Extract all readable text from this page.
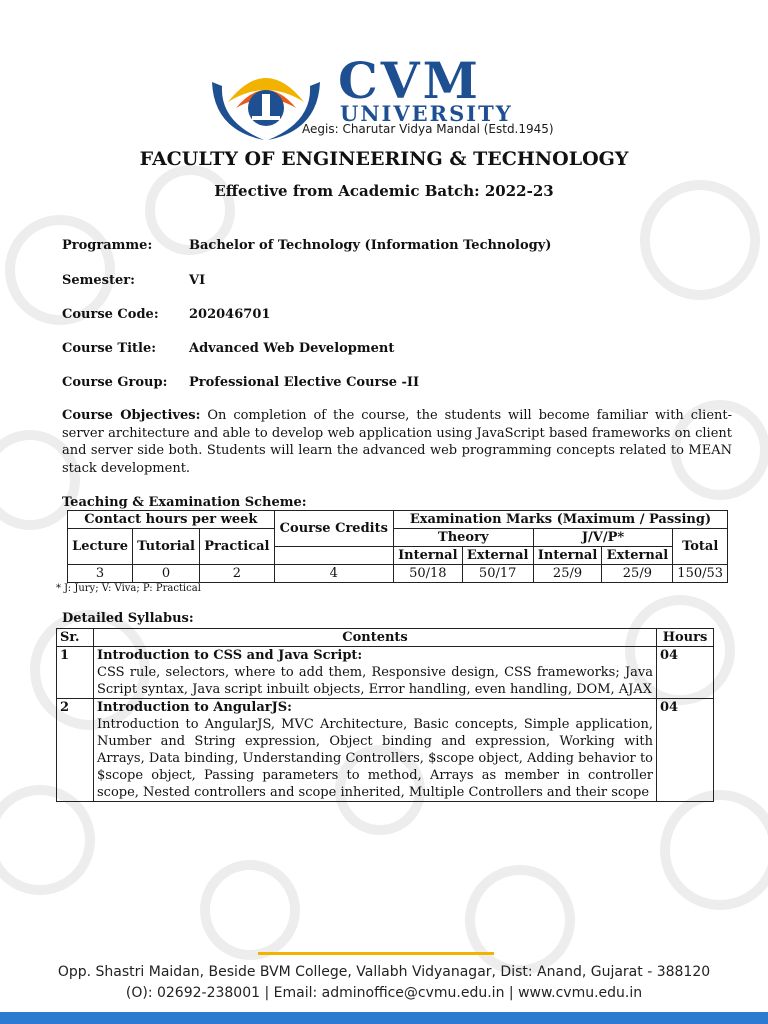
CVM
UNIVERSITY
Aegis: Charutar Vidya Mandal (Estd.1945)
FACULTY OF ENGINEERING & TECHNOLOGY
Effective from Academic Batch: 2022-23
Programme:	Bachelor of Technology (Information Technology)
Semester:	VI
Course Code:	202046701
Course Title:	Advanced Web Development
Course Group:	Professional Elective Course -II
Course Objectives: On completion of the course, the students will become familiar with client-server architecture and able to develop web application using JavaScript based frameworks on client and server side both. Students will learn the advanced web programming concepts related to MEAN stack development.
Teaching & Examination Scheme:
Contact hours per week			Course Credits	Examination Marks (Maximum / Passing)				
Lecture	Tutorial	Practical		Theory		J/V/P*		Total
				Internal	External	Internal	External	
3	0	2	4	50/18	50/17	25/9	25/9	150/53
* J: Jury; V: Viva; P: Practical
Detailed Syllabus:
Sr.	Contents	Hours
1	Introduction to CSS and Java Script:
CSS rule, selectors, where to add them, Responsive design, CSS frameworks; Java Script syntax, Java script inbuilt objects, Error handling, even handling, DOM, AJAX	04
2	Introduction to AngularJS:
Introduction to AngularJS, MVC Architecture, Basic concepts, Simple application, Number and String expression, Object binding and expression, Working with Arrays, Data binding, Understanding Controllers, $scope object, Adding behavior to $scope object, Passing parameters to method, Arrays as member in controller scope, Nested controllers and scope inherited, Multiple Controllers and their scope	04
Opp. Shastri Maidan, Beside BVM College, Vallabh Vidyanagar, Dist: Anand, Gujarat - 388120
(O): 02692-238001 | Email: adminoffice@cvmu.edu.in | www.cvmu.edu.in
